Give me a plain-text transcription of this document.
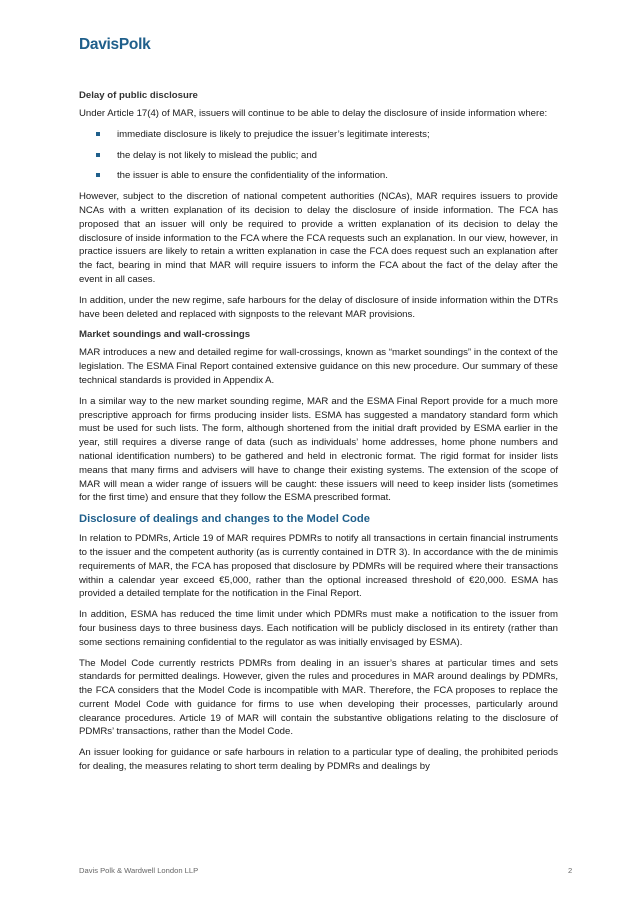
DavisPolk
Delay of public disclosure

Under Article 17(4) of MAR, issuers will continue to be able to delay the disclosure of inside information where:

immediate disclosure is likely to prejudice the issuer’s legitimate interests;
the delay is not likely to mislead the public; and
the issuer is able to ensure the confidentiality of the information.

However, subject to the discretion of national competent authorities (NCAs), MAR requires issuers to provide NCAs with a written explanation of its decision to delay the disclosure of inside information. The FCA has proposed that an issuer will only be required to provide a written explanation of its decision to delay the disclosure of inside information to the FCA where the FCA requests such an explanation. In our view, however, in practice issuers are likely to retain a written explanation in case the FCA does request such an explanation after the fact, bearing in mind that MAR will require issuers to inform the FCA about the fact of the delay after the event in all cases.

In addition, under the new regime, safe harbours for the delay of disclosure of inside information within the DTRs have been deleted and replaced with signposts to the relevant MAR provisions.

Market soundings and wall-crossings

MAR introduces a new and detailed regime for wall-crossings, known as “market soundings” in the context of the legislation. The ESMA Final Report contained extensive guidance on this new procedure. Our summary of these technical standards is provided in Appendix A.

In a similar way to the new market sounding regime, MAR and the ESMA Final Report provide for a much more prescriptive approach for firms producing insider lists. ESMA has suggested a mandatory standard form which must be used for such lists. The form, although shortened from the initial draft provided by ESMA earlier in the year, still requires a diverse range of data (such as individuals’ home addresses, home phone numbers and national identification numbers) to be gathered and held in electronic format. The rigid format for insider lists means that many firms and advisers will have to change their existing systems. The extension of the scope of MAR will mean a wider range of issuers will be caught: these issuers will need to keep insider lists (sometimes for the first time) and ensure that they follow the ESMA prescribed format.

Disclosure of dealings and changes to the Model Code

In relation to PDMRs, Article 19 of MAR requires PDMRs to notify all transactions in certain financial instruments to the issuer and the competent authority (as is currently contained in DTR 3). In accordance with the de minimis requirements of MAR, the FCA has proposed that disclosure by PDMRs will be required where their transactions within a calendar year exceed €5,000, rather than the optional increased threshold of €20,000. ESMA has provided a detailed template for the notification in the Final Report.

In addition, ESMA has reduced the time limit under which PDMRs must make a notification to the issuer from four business days to three business days. Each notification will be publicly disclosed in its entirety (rather than some sections remaining confidential to the regulator as was initially envisaged by ESMA).

The Model Code currently restricts PDMRs from dealing in an issuer’s shares at particular times and sets standards for permitted dealings. However, given the rules and procedures in MAR around dealings by PDMRs, the FCA considers that the Model Code is incompatible with MAR. Therefore, the FCA proposes to replace the current Model Code with guidance for firms to use when developing their processes, particularly around clearance procedures. Article 19 of MAR will contain the substantive obligations relating to the disclosure of PDMRs’ transactions, rather than the Model Code.

An issuer looking for guidance or safe harbours in relation to a particular type of dealing, the prohibited periods for dealing, the measures relating to short term dealing by PDMRs and dealings by

Davis Polk & Wardwell London LLP	2
